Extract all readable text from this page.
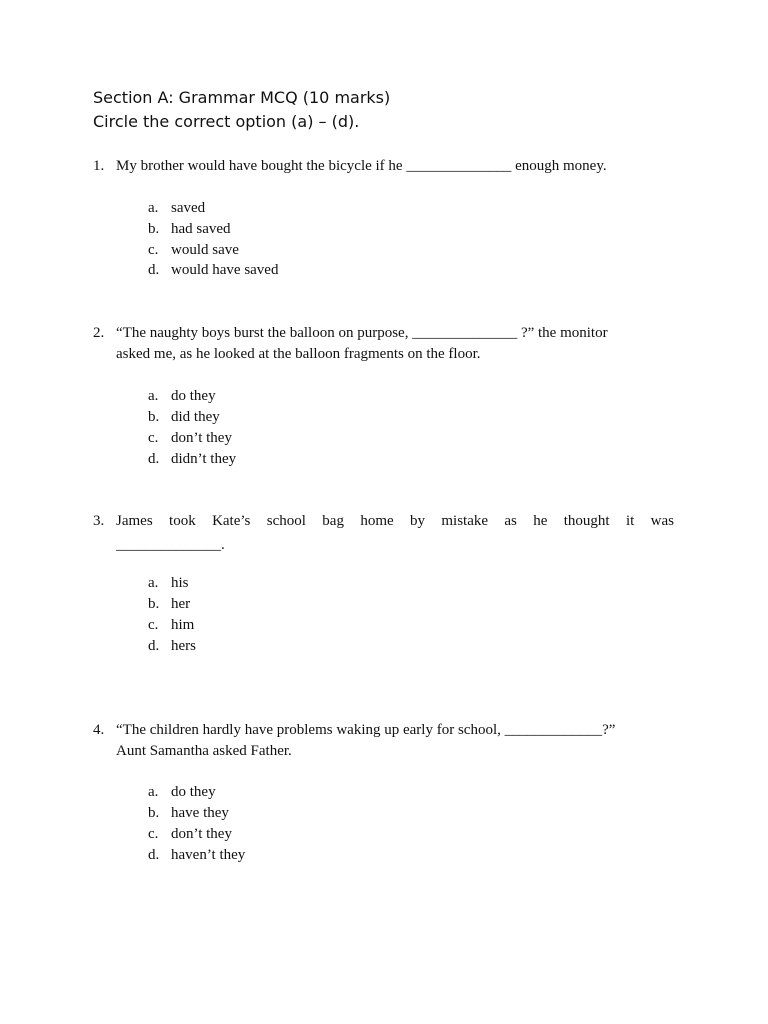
Section A: Grammar MCQ (10 marks)
Circle the correct option (a) – (d).
1. My brother would have bought the bicycle if he ______________ enough money.
a. saved
b. had saved
c. would save
d. would have saved
2. “The naughty boys burst the balloon on purpose, ______________ ?” the monitor
asked me, as he looked at the balloon fragments on the floor.
a. do they
b. did they
c. don’t they
d. didn’t they
3. James took Kate’s school bag home by mistake as he thought it was
______________.
a. his
b. her
c. him
d. hers
4. “The children hardly have problems waking up early for school, _____________?”
Aunt Samantha asked Father.
a. do they
b. have they
c. don’t they
d. haven’t they
